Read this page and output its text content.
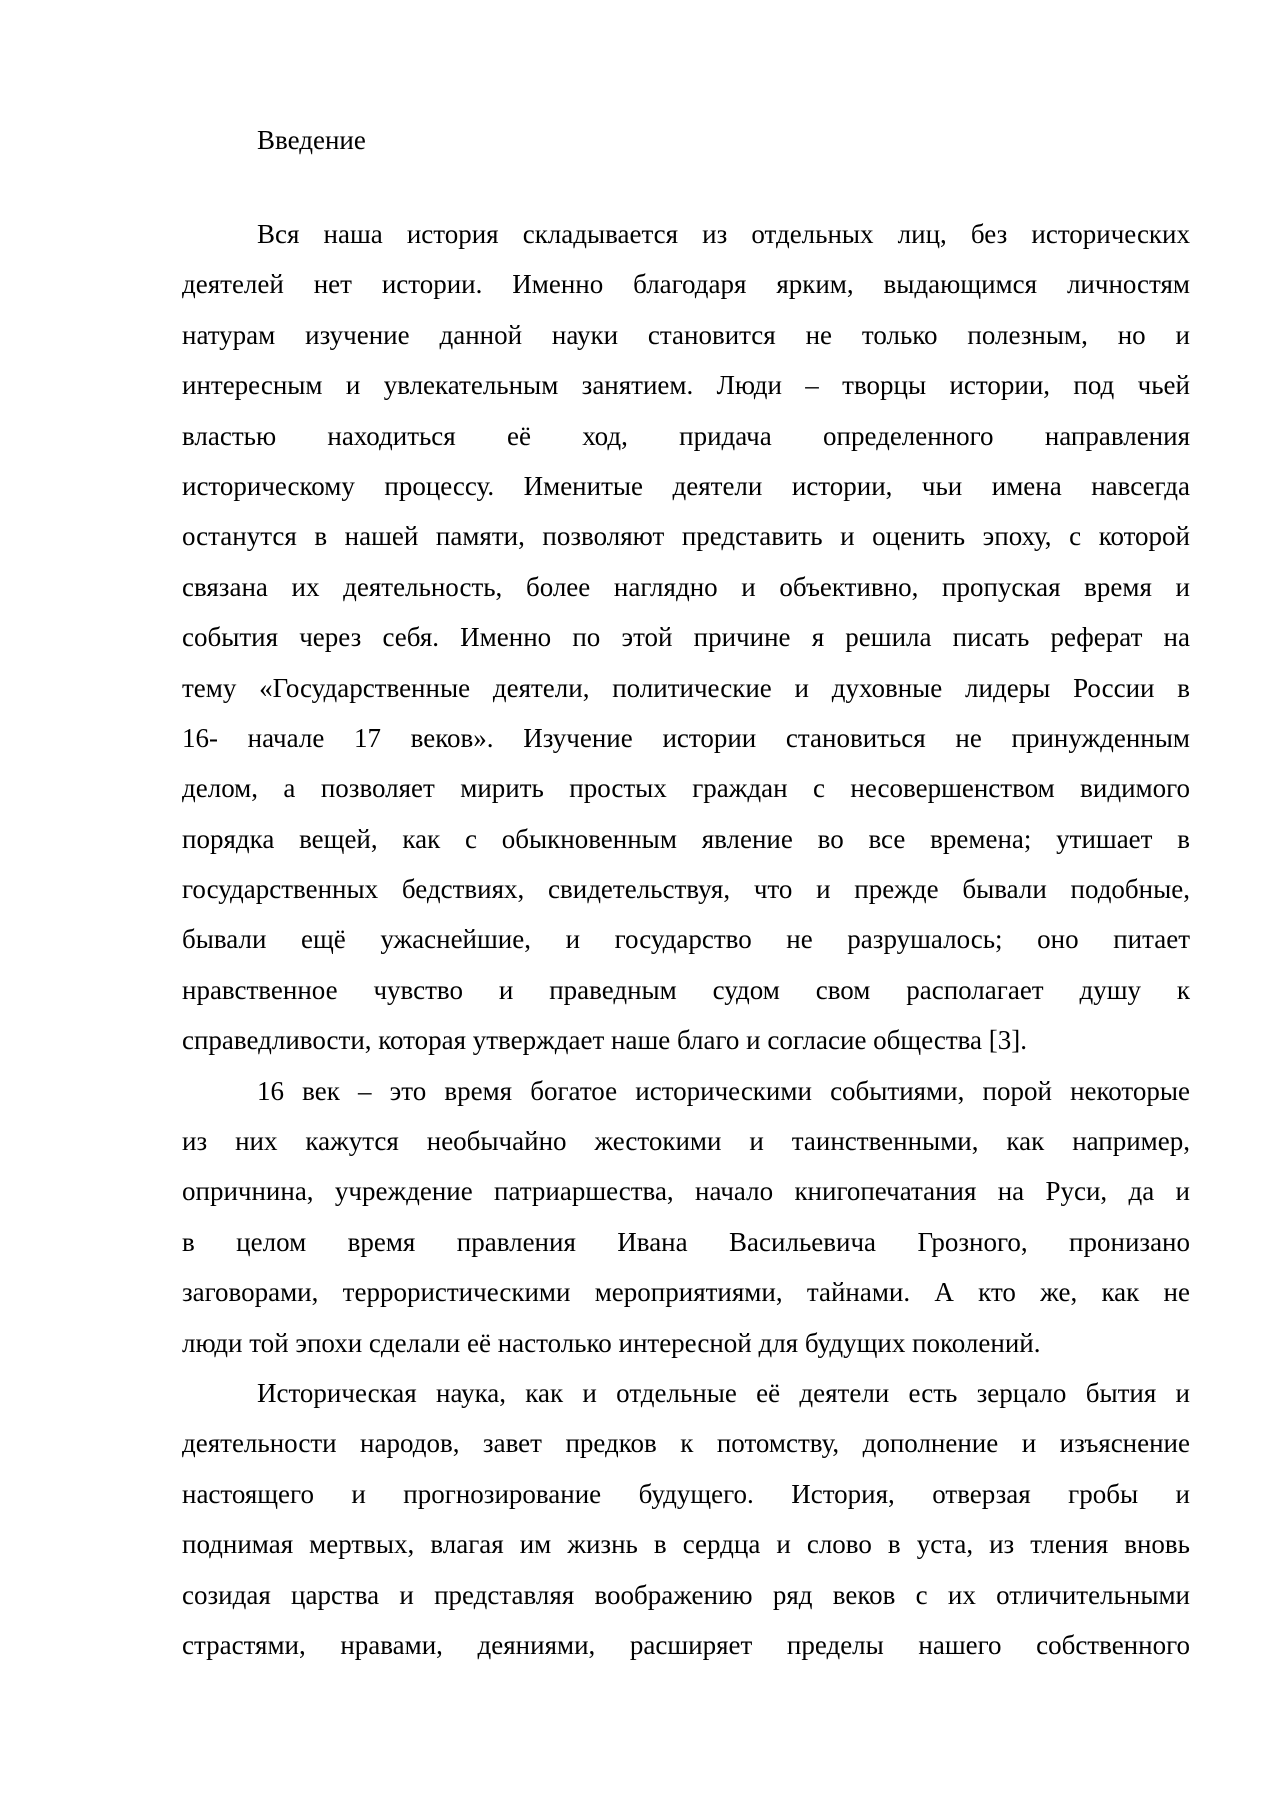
Введение
Вся наша история складывается из отдельных лиц, без исторических
деятелей нет истории. Именно благодаря ярким, выдающимся личностям
натурам изучение данной науки становится не только полезным, но и
интересным и увлекательным занятием. Люди – творцы истории, под чьей
властью находиться её ход, придача определенного направления
историческому процессу. Именитые деятели истории, чьи имена навсегда
останутся в нашей памяти, позволяют представить и оценить эпоху, с которой
связана их деятельность, более наглядно и объективно, пропуская время и
события через себя. Именно по этой причине я решила писать реферат на
тему «Государственные деятели, политические и духовные лидеры России в
16- начале 17 веков». Изучение истории становиться не принужденным
делом, а позволяет мирить простых граждан с несовершенством видимого
порядка вещей, как с обыкновенным явление во все времена; утишает в
государственных бедствиях, свидетельствуя, что и прежде бывали подобные,
бывали ещё ужаснейшие, и государство не разрушалось; оно питает
нравственное чувство и праведным судом свом располагает душу к
справедливости, которая утверждает наше благо и согласие общества [3].
16 век – это время богатое историческими событиями, порой некоторые
из них кажутся необычайно жестокими и таинственными, как например,
опричнина, учреждение патриаршества, начало книгопечатания на Руси, да и
в целом время правления Ивана Васильевича Грозного, пронизано
заговорами, террористическими мероприятиями, тайнами. А кто же, как не
люди той эпохи сделали её настолько интересной для будущих поколений.
Историческая наука, как и отдельные её деятели есть зерцало бытия и
деятельности народов, завет предков к потомству, дополнение и изъяснение
настоящего и прогнозирование будущего. История, отверзая гробы и
поднимая мертвых, влагая им жизнь в сердца и слово в уста, из тления вновь
созидая царства и представляя воображению ряд веков с их отличительными
страстями, нравами, деяниями, расширяет пределы нашего собственного
